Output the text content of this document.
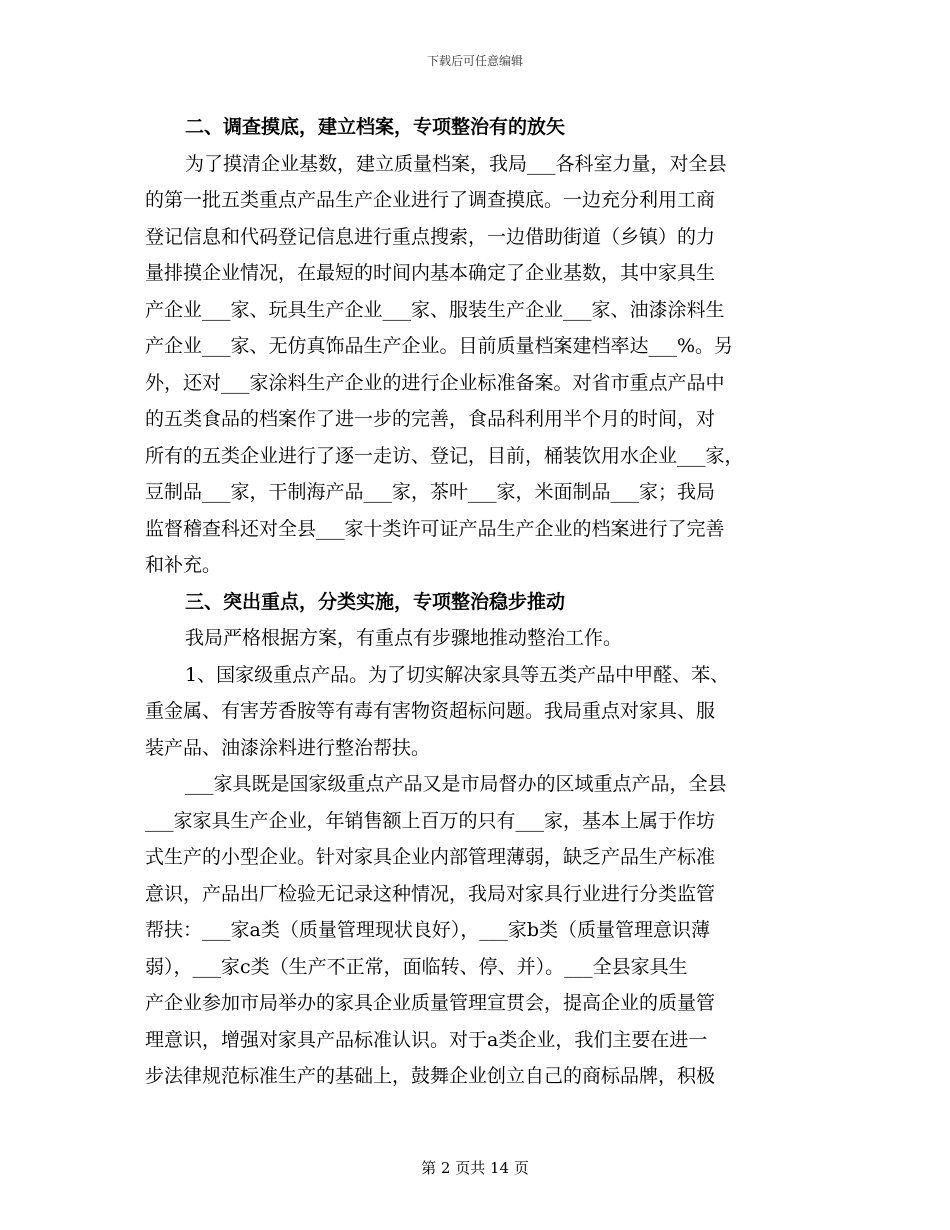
下载后可任意编辑
二、调查摸底，建立档案，专项整治有的放矢
为了摸清企业基数，建立质量档案，我局___各科室力量，对全县
的第一批五类重点产品生产企业进行了调查摸底。一边充分利用工商
登记信息和代码登记信息进行重点搜索，一边借助街道（乡镇）的力
量排摸企业情况，在最短的时间内基本确定了企业基数，其中家具生
产企业___家、玩具生产企业___家、服装生产企业___家、油漆涂料生
产企业___家、无仿真饰品生产企业。目前质量档案建档率达___%。另
外，还对___家涂料生产企业的进行企业标准备案。对省市重点产品中
的五类食品的档案作了进一步的完善，食品科利用半个月的时间，对
所有的五类企业进行了逐一走访、登记，目前，桶装饮用水企业___家，
豆制品___家，干制海产品___家，茶叶___家，米面制品___家；我局
监督稽查科还对全县___家十类许可证产品生产企业的档案进行了完善
和补充。
三、突出重点，分类实施，专项整治稳步推动
我局严格根据方案，有重点有步骤地推动整治工作。
1、国家级重点产品。为了切实解决家具等五类产品中甲醛、苯、
重金属、有害芳香胺等有毒有害物资超标问题。我局重点对家具、服
装产品、油漆涂料进行整治帮扶。
___家具既是国家级重点产品又是市局督办的区域重点产品，全县
___家家具生产企业，年销售额上百万的只有___家，基本上属于作坊
式生产的小型企业。针对家具企业内部管理薄弱，缺乏产品生产标准
意识，产品出厂检验无记录这种情况，我局对家具行业进行分类监管
帮扶：___家a类（质量管理现状良好），___家b类（质量管理意识薄
弱），___家c类（生产不正常，面临转、停、并）。___全县家具生
产企业参加市局举办的家具企业质量管理宣贯会，提高企业的质量管
理意识，增强对家具产品标准认识。对于a类企业，我们主要在进一
步法律规范标准生产的基础上，鼓舞企业创立自己的商标品牌，积极
第 2 页共 14 页
